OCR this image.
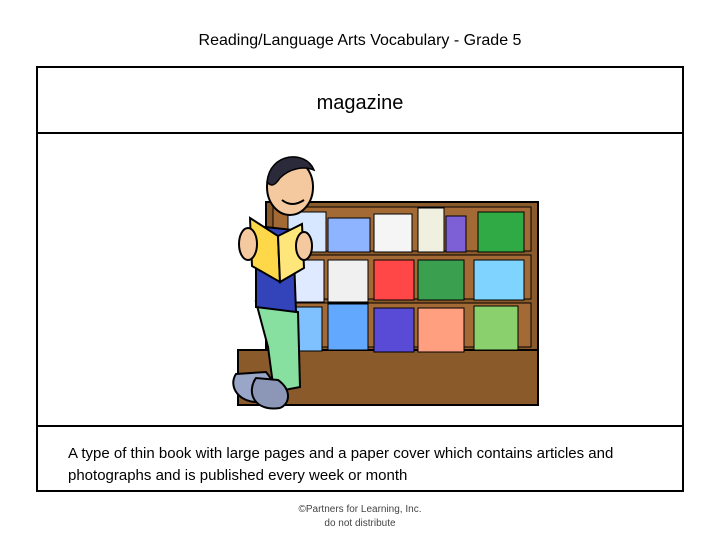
Reading/Language Arts Vocabulary - Grade 5
magazine
A type of thin book with large pages and a paper cover which contains articles and photographs and is published every week or month
©Partners for Learning, Inc.
do not distribute
